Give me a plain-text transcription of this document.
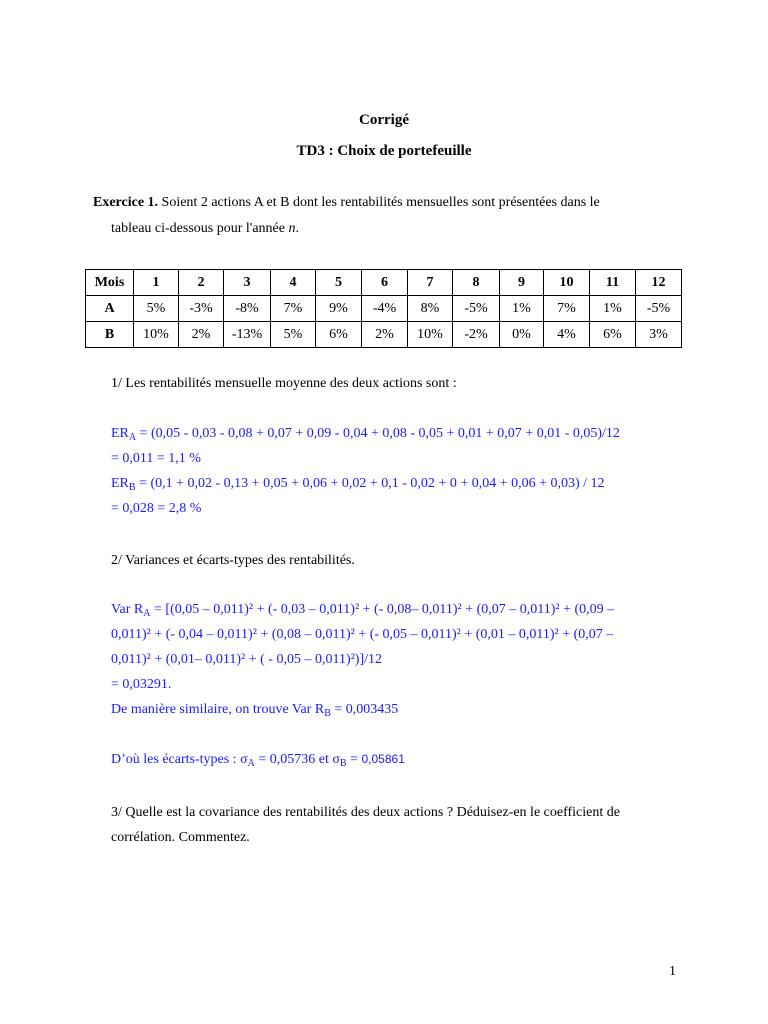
Corrigé
TD3 : Choix de portefeuille
Exercice 1. Soient 2 actions A et B dont les rentabilités mensuelles sont présentées dans le
tableau ci-dessous pour l'année n.
Mois	1	2	3	4	5	6	7	8	9	10	11	12
A	5%	-3%	-8%	7%	9%	-4%	8%	-5%	1%	7%	1%	-5%
B	10%	2%	-13%	5%	6%	2%	10%	-2%	0%	4%	6%	3%
1/ Les rentabilités mensuelle moyenne des deux actions sont :
$ER_A = (0,05 - 0,03 - 0,08 + 0,07 + 0,09 - 0,04 + 0,08 - 0,05 + 0,01 + 0,07 + 0,01 - 0,05)/12$
= 0,011 = 1,1 %
$ER_B = (0,1 + 0,02 - 0,13 + 0,05 + 0,06 + 0,02 + 0,1 - 0,02 + 0 + 0,04 + 0,06 + 0,03) / 12$
= 0,028 = 2,8 %
2/ Variances et écarts-types des rentabilités.
Var $R_A = [(0,05 - 0,011)^2$ + (- 0,03 – 0,011)² + (- 0,08– 0,011)² + (0,07 – 0,011)² + (0,09 –
0,011)² + (- 0,04 – 0,011)² + (0,08 – 0,011)² + (- 0,05 – 0,011)² + (0,01 – 0,011)² + (0,07 –
0,011)² + (0,01– 0,011)² + ( - 0,05 – 0,011)²)]/12
= 0,03291.
De manière similaire, on trouve Var $R_B = 0,003435$
D’où les écarts-types : $\sigma_A = 0,05736$ et $\sigma_B = 0,05861$
3/ Quelle est la covariance des rentabilités des deux actions ? Déduisez-en le coefficient de
corrélation. Commentez.
1
